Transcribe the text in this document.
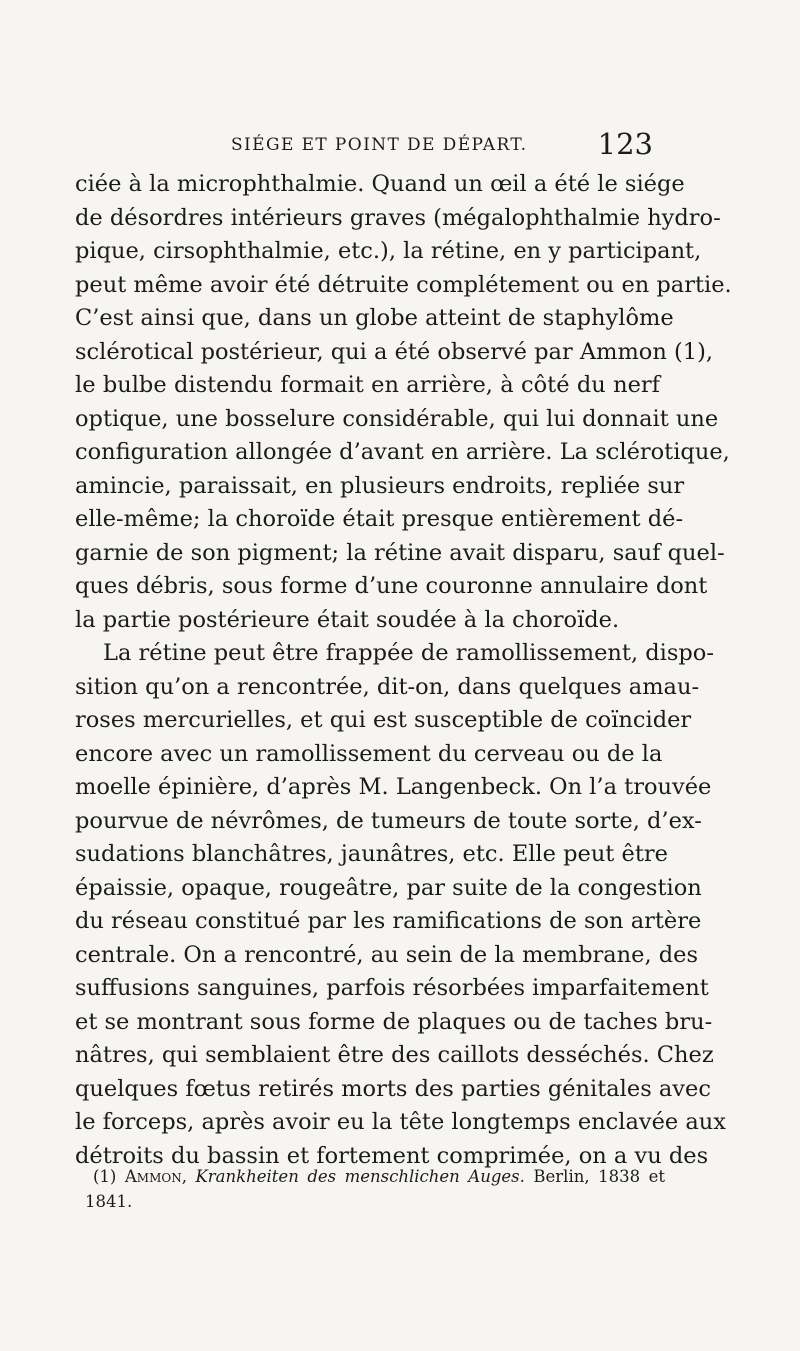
SIÉGE ET POINT DE DÉPART. 123
ciée à la microphthalmie. Quand un œil a été le siége
de désordres intérieurs graves (mégalophthalmie hydro-
pique, cirsophthalmie, etc.), la rétine, en y participant,
peut même avoir été détruite complétement ou en partie.
C’est ainsi que, dans un globe atteint de staphylôme
sclérotical postérieur, qui a été observé par Ammon (1),
le bulbe distendu formait en arrière, à côté du nerf
optique, une bosselure considérable, qui lui donnait une
configuration allongée d’avant en arrière. La sclérotique,
amincie, paraissait, en plusieurs endroits, repliée sur
elle-même; la choroïde était presque entièrement dé-
garnie de son pigment; la rétine avait disparu, sauf quel-
ques débris, sous forme d’une couronne annulaire dont
la partie postérieure était soudée à la choroïde.
La rétine peut être frappée de ramollissement, dispo-
sition qu’on a rencontrée, dit-on, dans quelques amau-
roses mercurielles, et qui est susceptible de coïncider
encore avec un ramollissement du cerveau ou de la
moelle épinière, d’après M. Langenbeck. On l’a trouvée
pourvue de névrômes, de tumeurs de toute sorte, d’ex-
sudations blanchâtres, jaunâtres, etc. Elle peut être
épaissie, opaque, rougeâtre, par suite de la congestion
du réseau constitué par les ramifications de son artère
centrale. On a rencontré, au sein de la membrane, des
suffusions sanguines, parfois résorbées imparfaitement
et se montrant sous forme de plaques ou de taches bru-
nâtres, qui semblaient être des caillots desséchés. Chez
quelques fœtus retirés morts des parties génitales avec
le forceps, après avoir eu la tête longtemps enclavée aux
détroits du bassin et fortement comprimée, on a vu des
(1) Ammon, Krankheiten des menschlichen Auges. Berlin, 1838 et
1841.
